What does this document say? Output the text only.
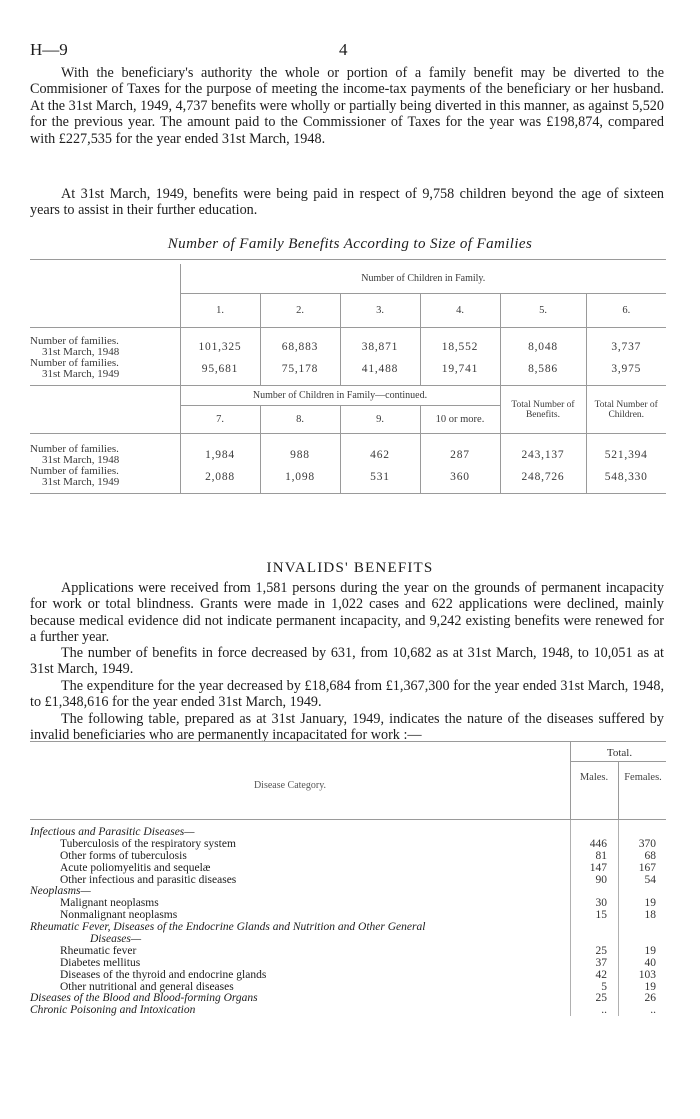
H—9	4

With the beneficiary's authority the whole or portion of a family benefit may be diverted to the Commisioner of Taxes for the purpose of meeting the income-tax payments of the beneficiary or her husband. At the 31st March, 1949, 4,737 benefits were wholly or partially being diverted in this manner, as against 5,520 for the previous year. The amount paid to the Commissioner of Taxes for the year was £198,874, compared with £227,535 for the year ended 31st March, 1948.

At 31st March, 1949, benefits were being paid in respect of 9,758 children beyond the age of sixteen years to assist in their further education.

Number of Family Benefits According to Size of Families

	Number of Children in Family.					
	1.	2.	3.	4.	5.	6.

Number of families.
31st March, 1948	101,325	68,883	38,871	18,552	8,048	3,737
Number of families.
31st March, 1949	95,681	75,178	41,488	19,741	8,586	3,975

	Number of Children in Family—continued.				Total Number of Benefits.	Total Number of Children.
	7.	8.	9.	10 or more.		

Number of families.
31st March, 1948	1,984	988	462	287	243,137	521,394
Number of families.
31st March, 1949	2,088	1,098	531	360	248,726	548,330

INVALIDS' BENEFITS

Applications were received from 1,581 persons during the year on the grounds of permanent incapacity for work or total blindness. Grants were made in 1,022 cases and 622 applications were declined, mainly because medical evidence did not indicate permanent incapacity, and 9,242 existing benefits were renewed for a further year.

The number of benefits in force decreased by 631, from 10,682 as at 31st March, 1948, to 10,051 as at 31st March, 1949.

The expenditure for the year decreased by £18,684 from £1,367,300 for the year ended 31st March, 1948, to £1,348,616 for the year ended 31st March, 1949.

The following table, prepared as at 31st January, 1949, indicates the nature of the diseases suffered by invalid beneficiaries who are permanently incapacitated for work :—

Disease Category.
Total.
Males.	Females.
Infectious and Parasitic Diseases—
Tuberculosis of the respiratory system	446	370
Other forms of tuberculosis	81	68
Acute poliomyelitis and sequelæ	147	167
Other infectious and parasitic diseases	90	54
Neoplasms—
Malignant neoplasms	30	19
Nonmalignant neoplasms	15	18
Rheumatic Fever, Diseases of the Endocrine Glands and Nutrition and Other General
Diseases—
Rheumatic fever	25	19
Diabetes mellitus	37	40
Diseases of the thyroid and endocrine glands	42	103
Other nutritional and general diseases	5	19
Diseases of the Blood and Blood-forming Organs	25	26
Chronic Poisoning and Intoxication	..	..
